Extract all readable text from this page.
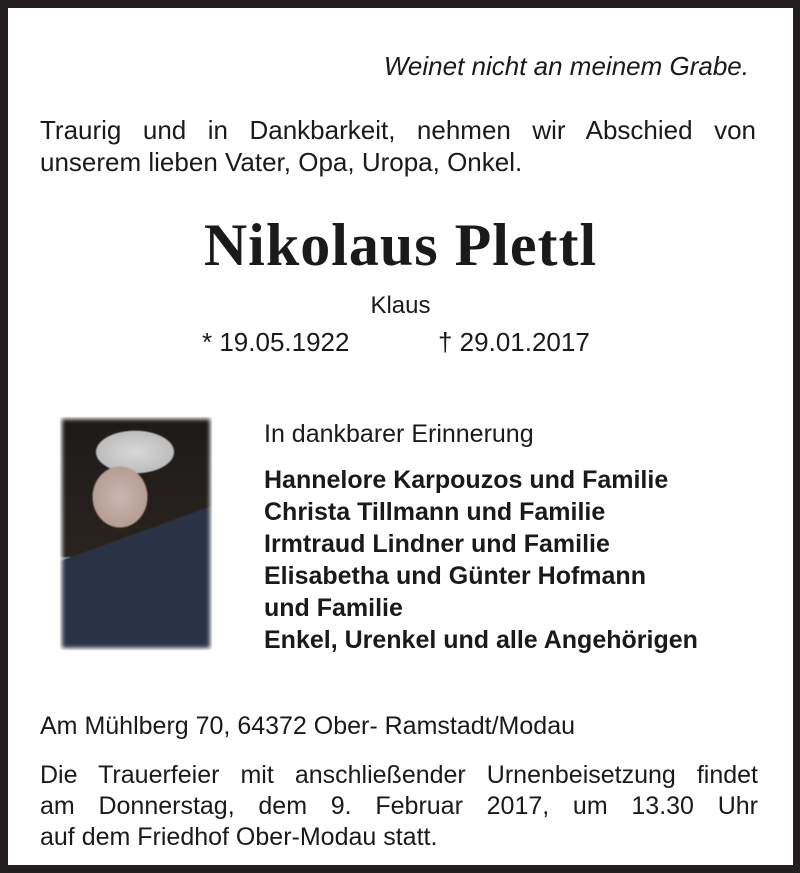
Weinet nicht an meinem Grabe.
Traurig und in Dankbarkeit, nehmen wir Abschied von
unserem lieben Vater, Opa, Uropa, Onkel.
Nikolaus Plettl
Klaus
* 19.05.1922	† 29.01.2017
In dankbarer Erinnerung
Hannelore Karpouzos und Familie
Christa Tillmann und Familie
Irmtraud Lindner und Familie
Elisabetha und Günter Hofmann
und Familie
Enkel, Urenkel und alle Angehörigen
Am Mühlberg 70, 64372 Ober- Ramstadt/Modau
Die Trauerfeier mit anschließender Urnenbeisetzung findet
am Donnerstag, dem 9. Februar 2017, um 13.30 Uhr
auf dem Friedhof Ober-Modau statt.
